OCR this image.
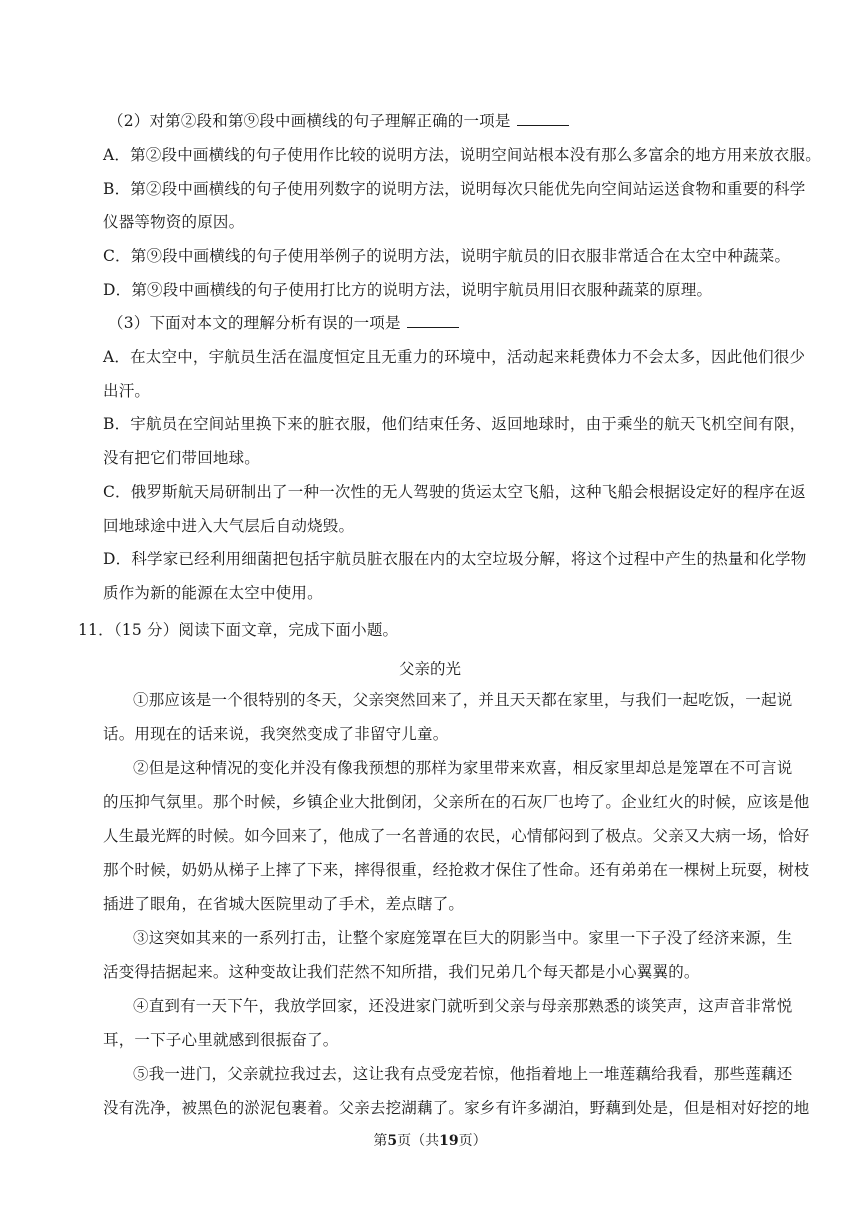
（2）对第②段和第⑨段中画横线的句子理解正确的一项是
A．第②段中画横线的句子使用作比较的说明方法，说明空间站根本没有那么多富余的地方用来放衣服。
B．第②段中画横线的句子使用列数字的说明方法，说明每次只能优先向空间站运送食物和重要的科学
仪器等物资的原因。
C．第⑨段中画横线的句子使用举例子的说明方法，说明宇航员的旧衣服非常适合在太空中种蔬菜。
D．第⑨段中画横线的句子使用打比方的说明方法，说明宇航员用旧衣服种蔬菜的原理。
（3）下面对本文的理解分析有误的一项是
A．在太空中，宇航员生活在温度恒定且无重力的环境中，活动起来耗费体力不会太多，因此他们很少
出汗。
B．宇航员在空间站里换下来的脏衣服，他们结束任务、返回地球时，由于乘坐的航天飞机空间有限，
没有把它们带回地球。
C．俄罗斯航天局研制出了一种一次性的无人驾驶的货运太空飞船，这种飞船会根据设定好的程序在返
回地球途中进入大气层后自动烧毁。
D．科学家已经利用细菌把包括宇航员脏衣服在内的太空垃圾分解，将这个过程中产生的热量和化学物
质作为新的能源在太空中使用。
11．（15 分）阅读下面文章，完成下面小题。
父亲的光
①那应该是一个很特别的冬天，父亲突然回来了，并且天天都在家里，与我们一起吃饭，一起说
话。用现在的话来说，我突然变成了非留守儿童。
②但是这种情况的变化并没有像我预想的那样为家里带来欢喜，相反家里却总是笼罩在不可言说
的压抑气氛里。那个时候，乡镇企业大批倒闭，父亲所在的石灰厂也垮了。企业红火的时候，应该是他
人生最光辉的时候。如今回来了，他成了一名普通的农民，心情郁闷到了极点。父亲又大病一场，恰好
那个时候，奶奶从梯子上摔了下来，摔得很重，经抢救才保住了性命。还有弟弟在一棵树上玩耍，树枝
插进了眼角，在省城大医院里动了手术，差点瞎了。
③这突如其来的一系列打击，让整个家庭笼罩在巨大的阴影当中。家里一下子没了经济来源，生
活变得拮据起来。这种变故让我们茫然不知所措，我们兄弟几个每天都是小心翼翼的。
④直到有一天下午，我放学回家，还没进家门就听到父亲与母亲那熟悉的谈笑声，这声音非常悦
耳，一下子心里就感到很振奋了。
⑤我一进门，父亲就拉我过去，这让我有点受宠若惊，他指着地上一堆莲藕给我看，那些莲藕还
没有洗净，被黑色的淤泥包裹着。父亲去挖湖藕了。家乡有许多湖泊，野藕到处是，但是相对好挖的地
第5页（共19页）
